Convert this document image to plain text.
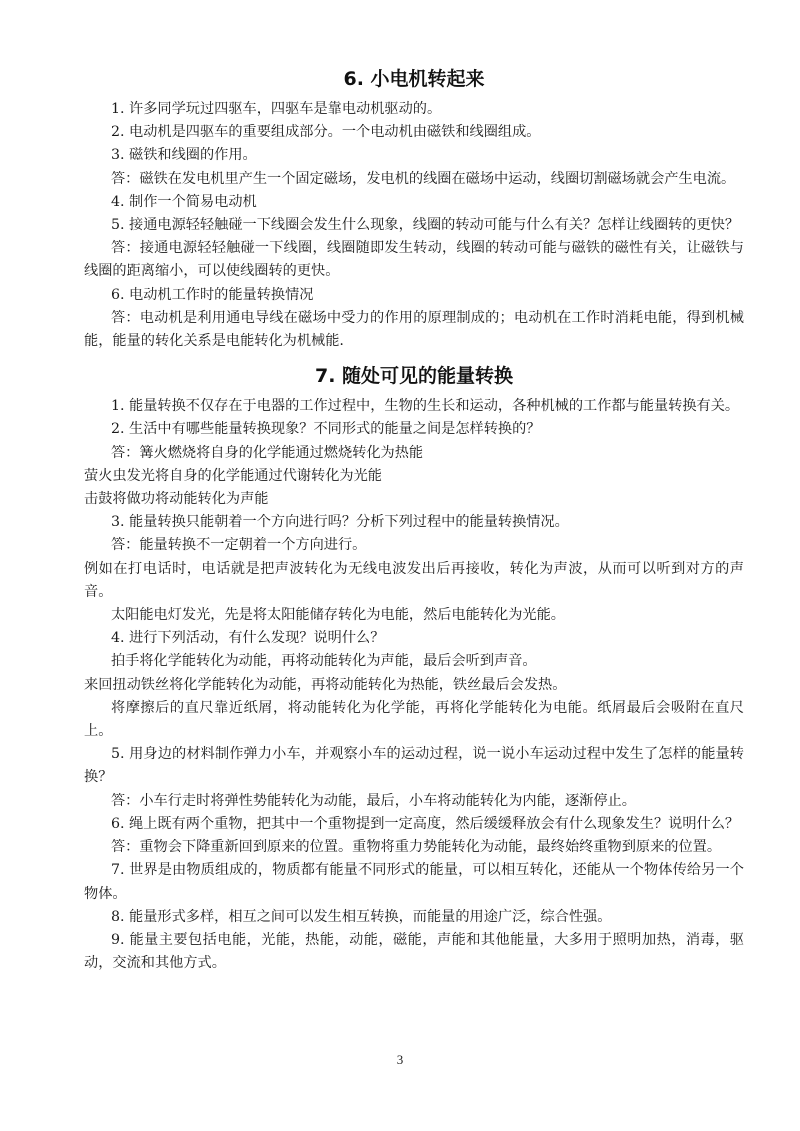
6. 小电机转起来

1. 许多同学玩过四驱车，四驱车是靠电动机驱动的。

2. 电动机是四驱车的重要组成部分。一个电动机由磁铁和线圈组成。

3. 磁铁和线圈的作用。

答：磁铁在发电机里产生一个固定磁场，发电机的线圈在磁场中运动，线圈切割磁场就会产生电流。

4. 制作一个简易电动机

5. 接通电源轻轻触碰一下线圈会发生什么现象，线圈的转动可能与什么有关？怎样让线圈转的更快？

答：接通电源轻轻触碰一下线圈，线圈随即发生转动，线圈的转动可能与磁铁的磁性有关，让磁铁与线圈的距离缩小，可以使线圈转的更快。

6. 电动机工作时的能量转换情况

答：电动机是利用通电导线在磁场中受力的作用的原理制成的；电动机在工作时消耗电能，得到机械能，能量的转化关系是电能转化为机械能.

7. 随处可见的能量转换

1. 能量转换不仅存在于电器的工作过程中，生物的生长和运动，各种机械的工作都与能量转换有关。

2. 生活中有哪些能量转换现象？不同形式的能量之间是怎样转换的？

答：篝火燃烧将自身的化学能通过燃烧转化为热能

萤火虫发光将自身的化学能通过代谢转化为光能

击鼓将做功将动能转化为声能

3. 能量转换只能朝着一个方向进行吗？分析下列过程中的能量转换情况。

答：能量转换不一定朝着一个方向进行。

例如在打电话时，电话就是把声波转化为无线电波发出后再接收，转化为声波，从而可以听到对方的声音。

太阳能电灯发光，先是将太阳能储存转化为电能，然后电能转化为光能。

4. 进行下列活动，有什么发现？说明什么？

拍手将化学能转化为动能，再将动能转化为声能，最后会听到声音。

来回扭动铁丝将化学能转化为动能，再将动能转化为热能，铁丝最后会发热。

将摩擦后的直尺靠近纸屑，将动能转化为化学能，再将化学能转化为电能。纸屑最后会吸附在直尺上。

5. 用身边的材料制作弹力小车，并观察小车的运动过程，说一说小车运动过程中发生了怎样的能量转换？

答：小车行走时将弹性势能转化为动能，最后，小车将动能转化为内能，逐渐停止。

6. 绳上既有两个重物，把其中一个重物提到一定高度，然后缓缓释放会有什么现象发生？说明什么？

答：重物会下降重新回到原来的位置。重物将重力势能转化为动能，最终始终重物到原来的位置。

7. 世界是由物质组成的，物质都有能量不同形式的能量，可以相互转化，还能从一个物体传给另一个物体。

8. 能量形式多样，相互之间可以发生相互转换，而能量的用途广泛，综合性强。

9. 能量主要包括电能，光能，热能，动能，磁能，声能和其他能量，大多用于照明加热，消毒，驱动，交流和其他方式。

3
